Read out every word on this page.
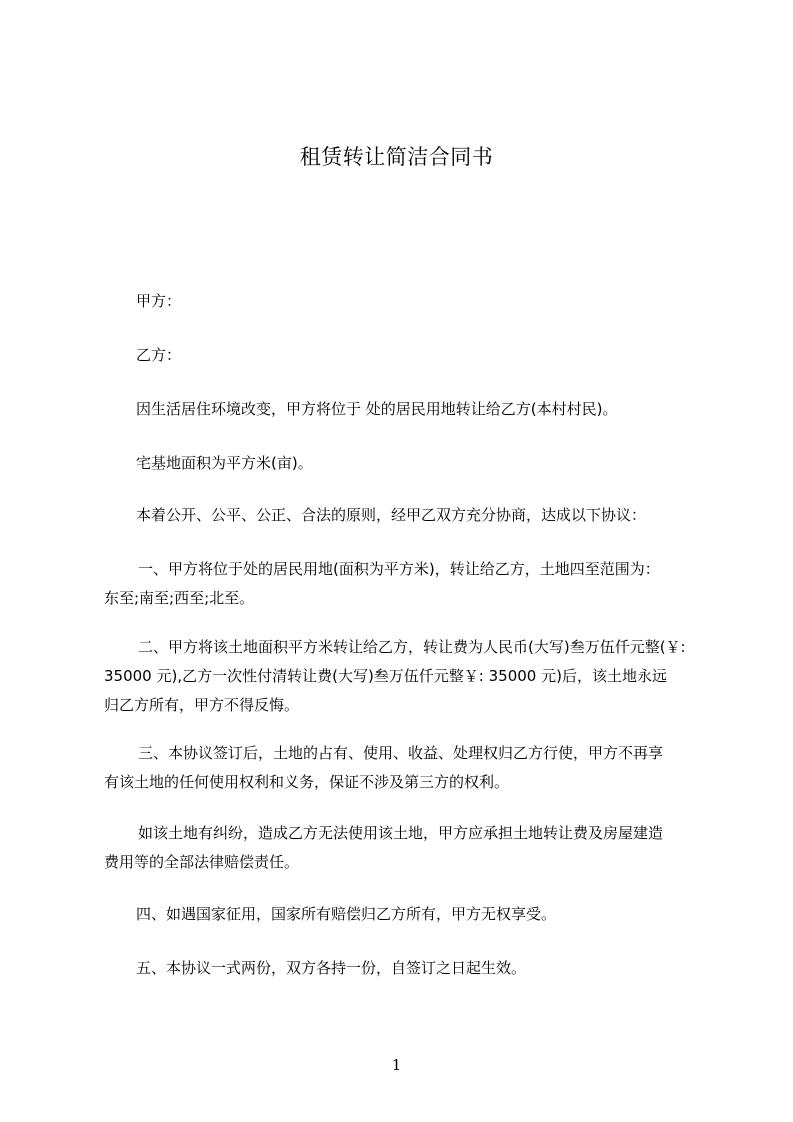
租赁转让简洁合同书
甲方：
乙方：
因生活居住环境改变，甲方将位于 处的居民用地转让给乙方(本村村民)。
宅基地面积为平方米(亩)。
本着公开、公平、公正、合法的原则，经甲乙双方充分协商，达成以下协议：
一、甲方将位于处的居民用地(面积为平方米)，转让给乙方，土地四至范围为：
东至;南至;西至;北至。
二、甲方将该土地面积平方米转让给乙方，转让费为人民币(大写)叁万伍仟元整(￥:
35000 元),乙方一次性付清转让费(大写)叁万伍仟元整￥: 35000 元)后，该土地永远
归乙方所有，甲方不得反悔。
三、本协议签订后，土地的占有、使用、收益、处理权归乙方行使，甲方不再享
有该土地的任何使用权利和义务，保证不涉及第三方的权利。
如该土地有纠纷，造成乙方无法使用该土地，甲方应承担土地转让费及房屋建造
费用等的全部法律赔偿责任。
四、如遇国家征用，国家所有赔偿归乙方所有，甲方无权享受。
五、本协议一式两份，双方各持一份，自签订之日起生效。
1
